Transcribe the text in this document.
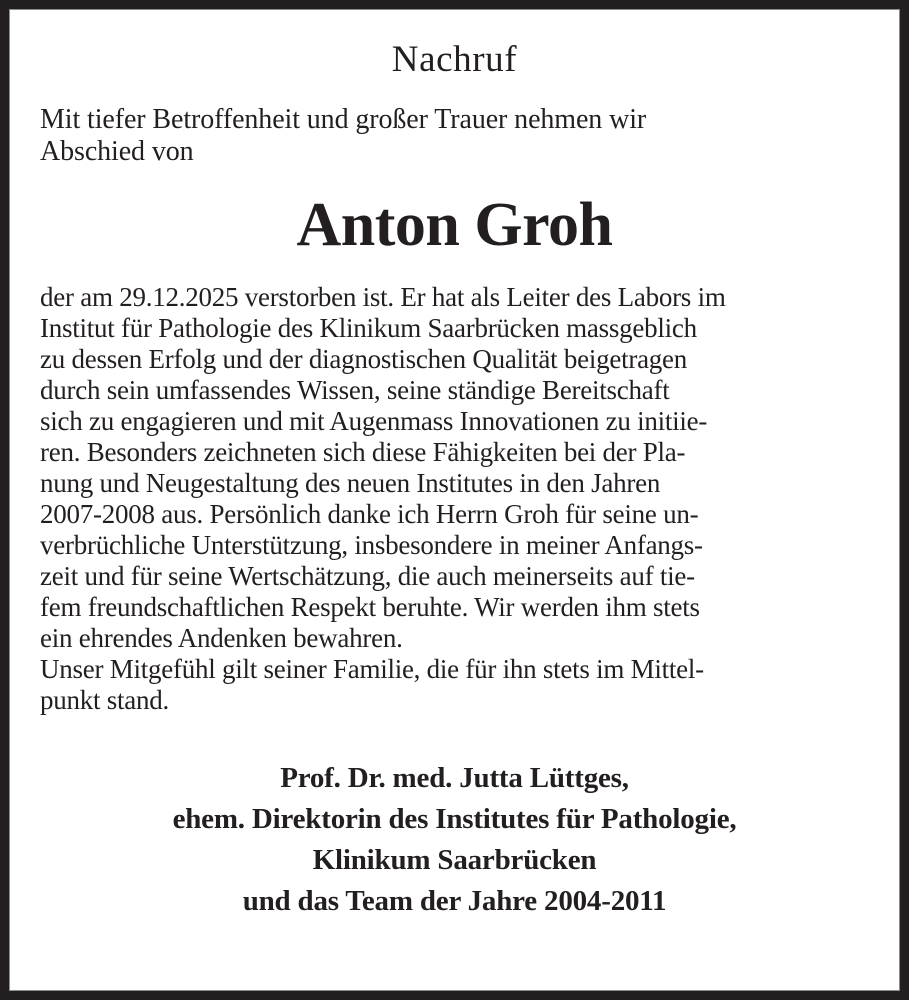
Nachruf
Mit tiefer Betroffenheit und großer Trauer nehmen wir
Abschied von
Anton Groh
der am 29.12.2025 verstorben ist. Er hat als Leiter des Labors im
Institut für Pathologie des Klinikum Saarbrücken massgeblich
zu dessen Erfolg und der diagnostischen Qualität beigetragen
durch sein umfassendes Wissen, seine ständige Bereitschaft
sich zu engagieren und mit Augenmass Innovationen zu initiie-
ren. Besonders zeichneten sich diese Fähigkeiten bei der Pla-
nung und Neugestaltung des neuen Institutes in den Jahren
2007-2008 aus. Persönlich danke ich Herrn Groh für seine un-
verbrüchliche Unterstützung, insbesondere in meiner Anfangs-
zeit und für seine Wertschätzung, die auch meinerseits auf tie-
fem freundschaftlichen Respekt beruhte. Wir werden ihm stets
ein ehrendes Andenken bewahren.
Unser Mitgefühl gilt seiner Familie, die für ihn stets im Mittel-
punkt stand.
Prof. Dr. med. Jutta Lüttges,
ehem. Direktorin des Institutes für Pathologie,
Klinikum Saarbrücken
und das Team der Jahre 2004-2011
